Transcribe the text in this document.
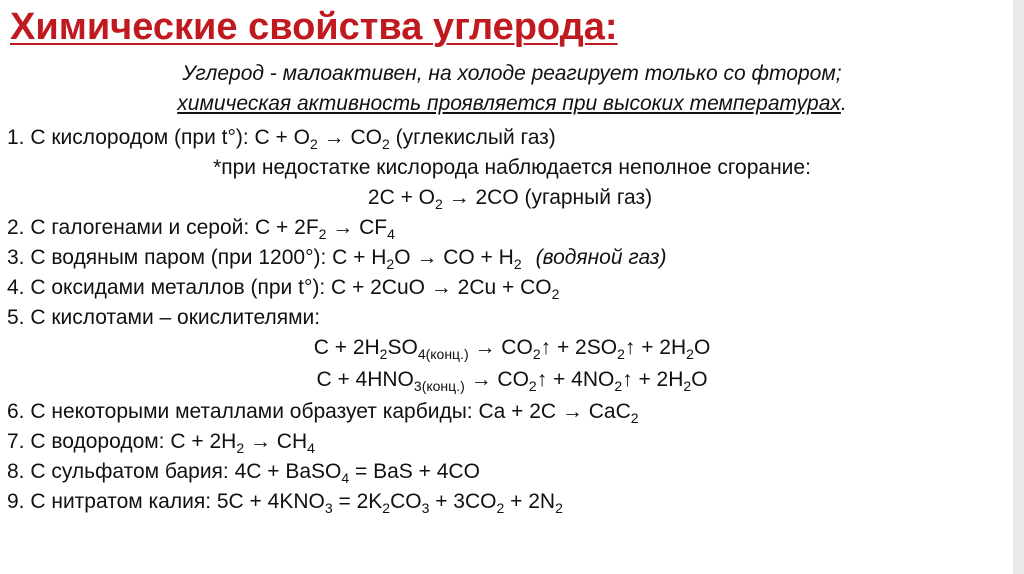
Химические свойства углерода:
Углерод - малоактивен, на холоде реагирует только со фтором;
химическая активность проявляется при высоких температурах.
1. С кислородом (при t°): $C + O_2 \to CO_2$ (углекислый газ)
*при недостатке кислорода наблюдается неполное сгорание:
$2C + O_2 \to 2CO$ (угарный газ)
2. С галогенами и серой: $C + 2F_2 \to CF_4$
3. С водяным паром (при 1200°): $C + H_2O$ → CO + $H_2$ (водяной газ)
4. С оксидами металлов (при t°): $C + 2CuO \to 2Cu + CO_2$
5. С кислотами – окислителями:
$C + 2H_2SO_{4(конц.)}$ → $CO_2↑$ + $2SO_2↑ + 2H_2O$
$C + 4HNO_{3(конц.)}$ → $CO_2↑$ + $4NO_2↑ + 2H_2O$
6. С некоторыми металлами образует карбиды: Ca + 2C → CaC$_2$
7. С водородом: $C + 2H_2 \to CH_4$
8. С сульфатом бария: 4C + BaSO$_4$ = BaS + 4CO
9. С нитратом калия: $5C + 4KNO_3 = 2K_2CO_3 + 3CO_2 + 2N_2$
